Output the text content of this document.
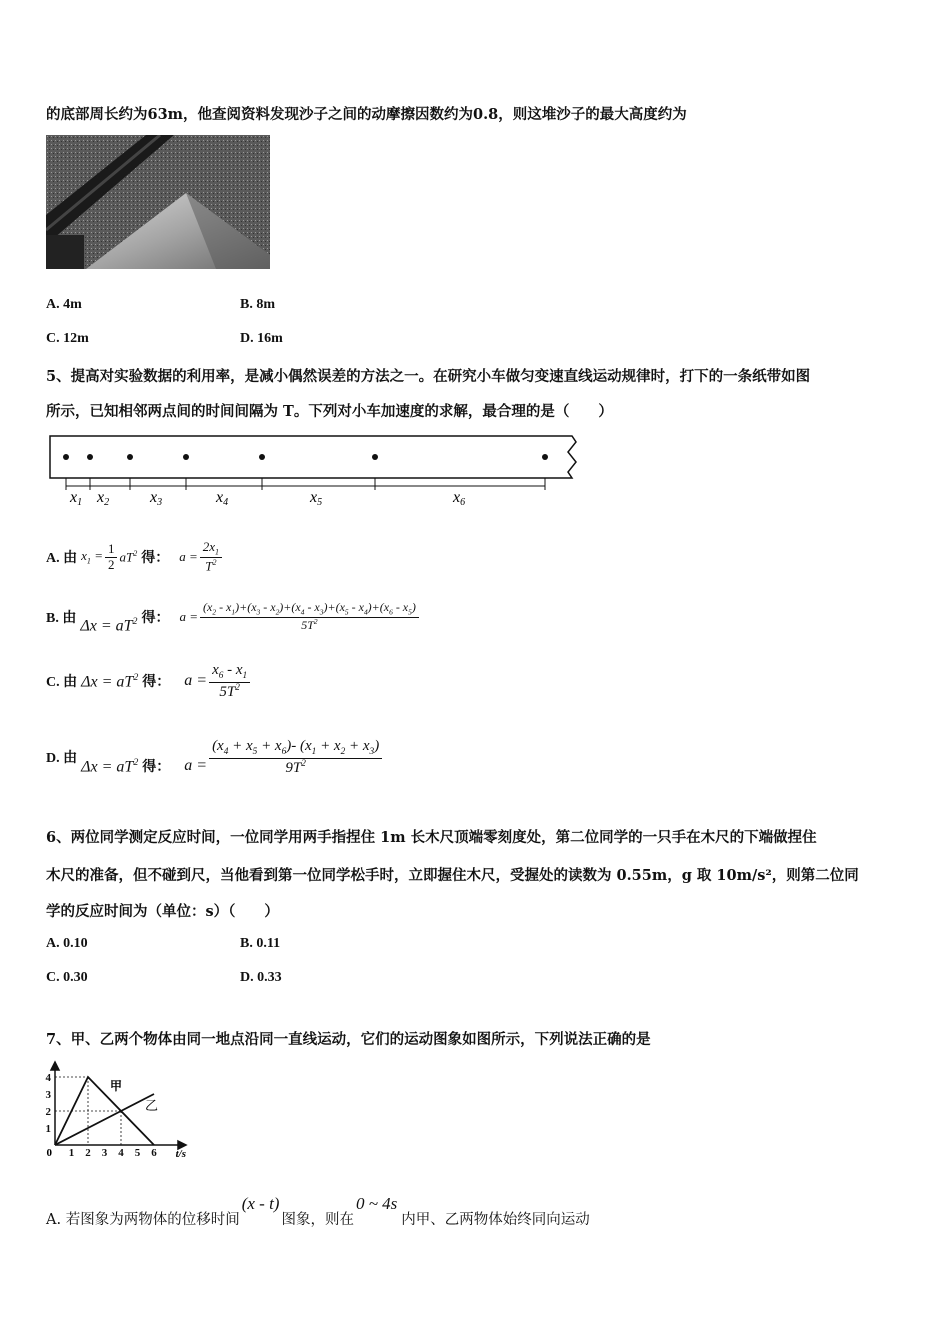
的底部周长约为63m，他查阅资料发现沙子之间的动摩擦因数约为0.8，则这堆沙子的最大高度约为
A. 4m	B. 8m
C. 12m	D. 16m
5、提高对实验数据的利用率，是减小偶然误差的方法之一。在研究小车做匀变速直线运动规律时，打下的一条纸带如图
所示，已知相邻两点间的时间间隔为 T。下列对小车加速度的求解，最合理的是（　　）
x1 x2	x3	x4	x5	x6
A. 由 $x_1 = \frac{1}{2} aT^2$ 得： $a = \frac{2x_1}{T^2}$
B. 由 $\Delta x = aT^2$ 得： $a = \frac{(x_2 - x_1)+(x_3 - x_2)+(x_4 - x_3)+(x_5 - x_4)+(x_6 - x_5)}{5T^2}$
C. 由 $\Delta x = aT^2$ 得： $a = \frac{x_6 - x_1}{5T^2}$
D. 由 $\Delta x = aT^2$ 得： $a = \frac{(x_4 + x_5 + x_6)- (x_1 + x_2 + x_3)}{9T^2}$
6、两位同学测定反应时间，一位同学用两手指捏住 1m 长木尺顶端零刻度处，第二位同学的一只手在木尺的下端做捏住
木尺的准备，但不碰到尺，当他看到第一位同学松手时，立即握住木尺，受握处的读数为 0.55m，g 取 10m/s²，则第二位同
学的反应时间为（单位：s）（　　）
A. 0.10	B. 0.11
C. 0.30	D. 0.33
7、甲、乙两个物体由同一地点沿同一直线运动，它们的运动图象如图所示，下列说法正确的是
1 2 3 4 5 6
1
2
3
4
0	t/s
甲
乙
A. 若图象为两物体的位移时间
(x - t)
图象，则在
0 ~ 4s
内甲、乙两物体始终同向运动
